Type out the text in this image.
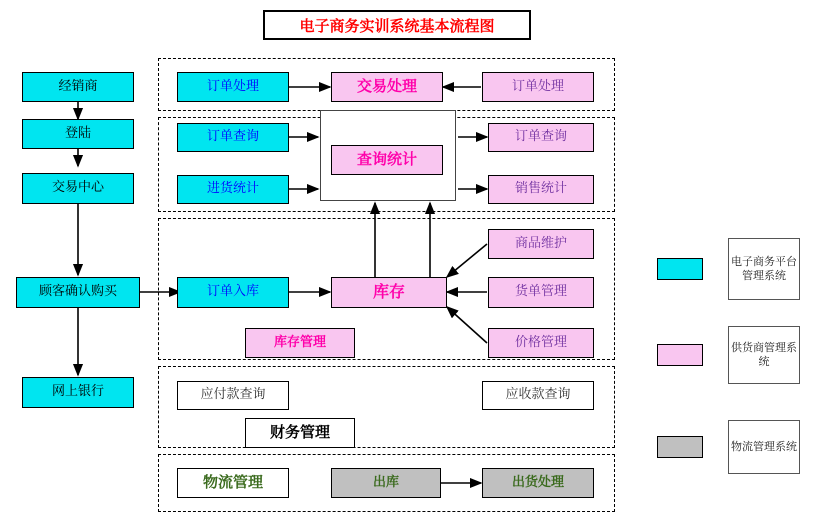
电子商务实训系统基本流程图
经销商
登陆
交易中心
顾客确认购买
网上银行
订单处理	交易处理	订单处理
订单查询
查询统计
订单查询
进货统计	销售统计
订单入库	库存
商品维护
货单管理
价格管理
库存管理
应付款查询
财务管理
应收款查询
物流管理	出库	出货处理
电子商务平台管理系统
供货商管理系统
物流管理系统
